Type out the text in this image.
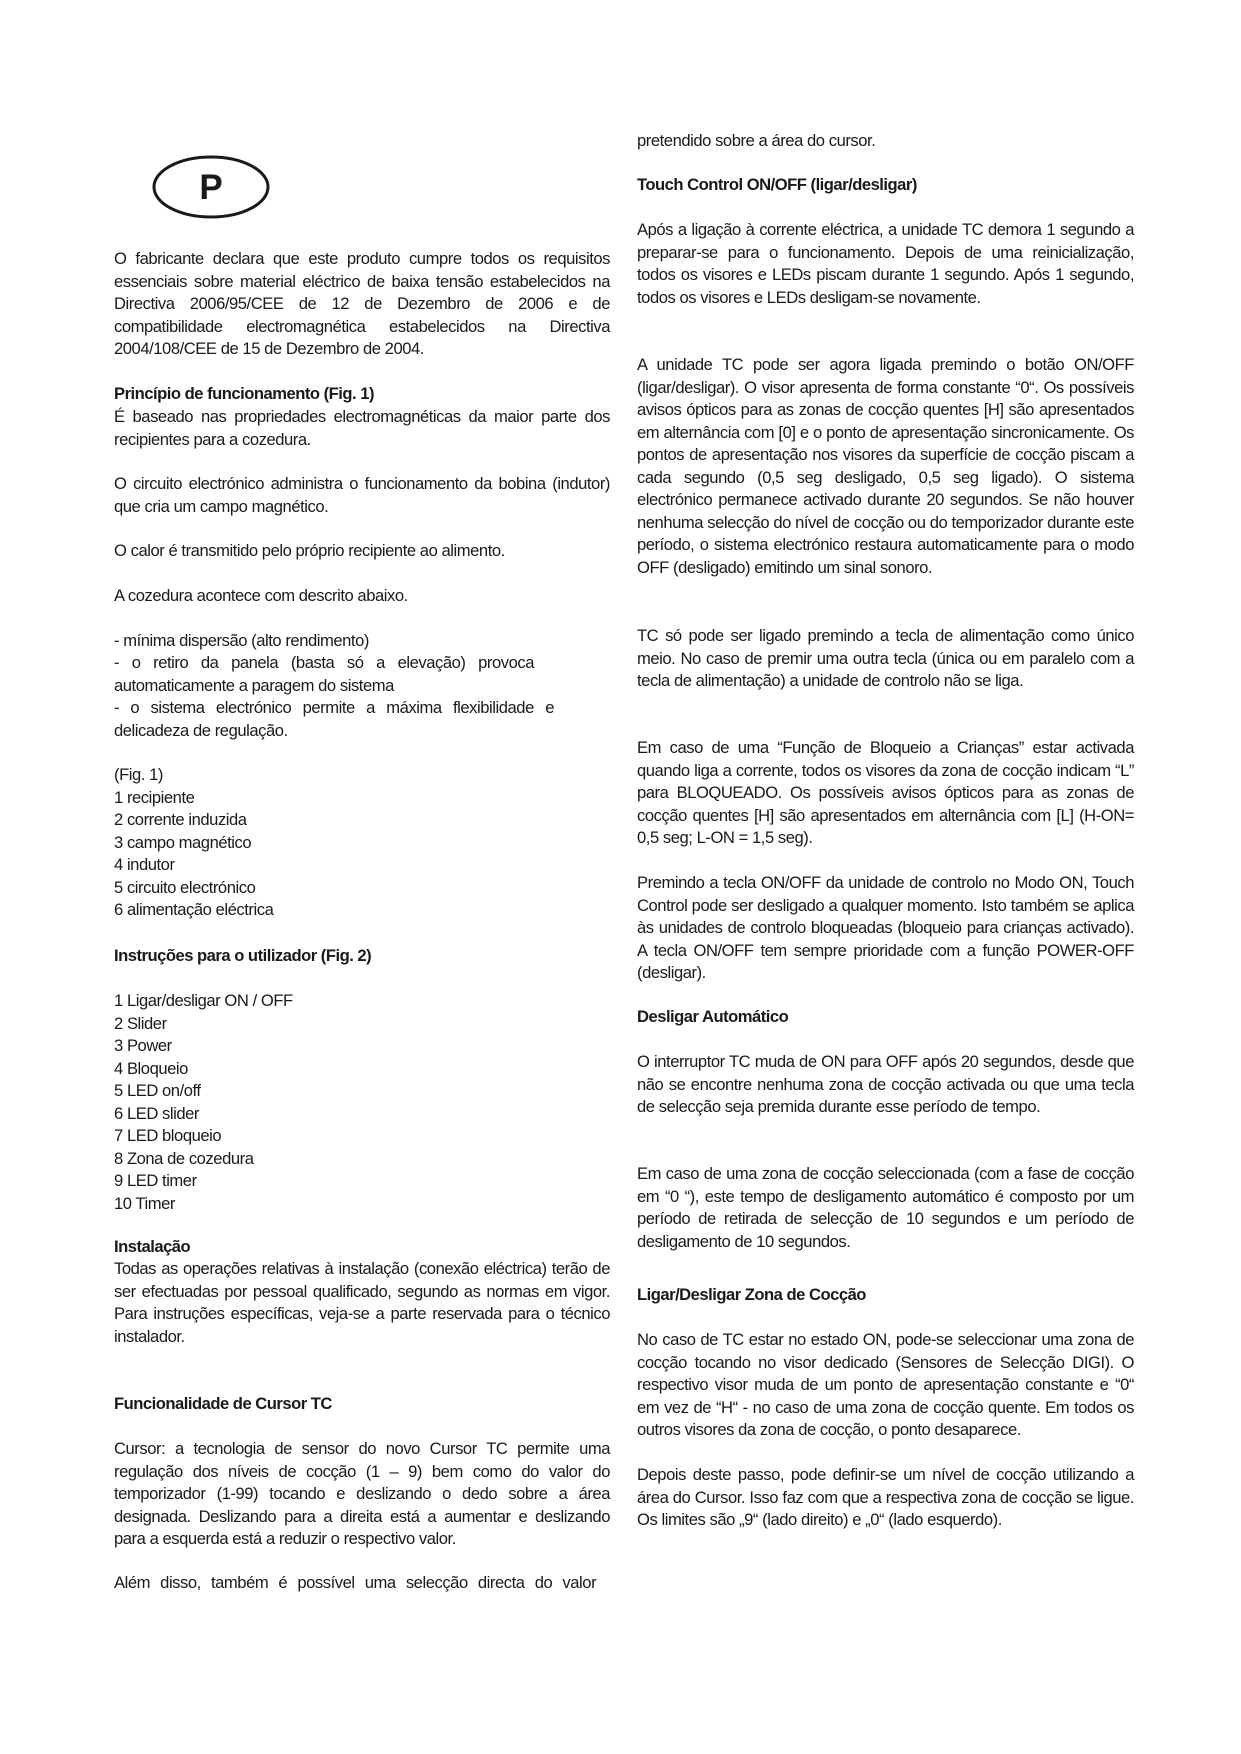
P

O fabricante declara que este produto cumpre todos os requisitos essenciais sobre material eléctrico de baixa tensão estabelecidos na Directiva 2006/95/CEE de 12 de Dezembro de 2006 e de compatibilidade electromagnética estabelecidos na Directiva 2004/108/CEE de 15 de Dezembro de 2004.

Princípio de funcionamento (Fig. 1)

É baseado nas propriedades electromagnéticas da maior parte dos recipientes para a cozedura.

O circuito electrónico administra o funcionamento da bobina (indutor) que cria um campo magnético.

O calor é transmitido pelo próprio recipiente ao alimento.

A cozedura acontece com descrito abaixo.

- mínima dispersão (alto rendimento)

- o retiro da panela (basta só a elevação) provoca automaticamente a paragem do sistema

- o sistema electrónico permite a máxima flexibilidade e delicadeza de regulação.

(Fig. 1)

1 recipiente

2 corrente induzida

3 campo magnético

4 indutor

5 circuito electrónico

6 alimentação eléctrica

Instruções para o utilizador (Fig. 2)

1 Ligar/desligar ON / OFF

2 Slider

3 Power

4 Bloqueio

5 LED on/off

6 LED slider

7 LED bloqueio

8 Zona de cozedura

9 LED timer

10 Timer

Instalação

Todas as operações relativas à instalação (conexão eléctrica) terão de ser efectuadas por pessoal qualificado, segundo as normas em vigor. Para instruções específicas, veja-se a parte reservada para o técnico instalador.

Funcionalidade de Cursor TC

Cursor: a tecnologia de sensor do novo Cursor TC permite uma regulação dos níveis de cocção (1 – 9) bem como do valor do temporizador (1-99) tocando e deslizando o dedo sobre a área designada. Deslizando para a direita está a aumentar e deslizando para a esquerda está a reduzir o respectivo valor.

Além disso, também é possível uma selecção directa do valor

pretendido sobre a área do cursor.

Touch Control ON/OFF (ligar/desligar)

Após a ligação à corrente eléctrica, a unidade TC demora 1 segundo a preparar-se para o funcionamento. Depois de uma reinicialização, todos os visores e LEDs piscam durante 1 segundo. Após 1 segundo, todos os visores e LEDs desligam-se novamente.

A unidade TC pode ser agora ligada premindo o botão ON/OFF (ligar/desligar). O visor apresenta de forma constante “0“. Os possíveis avisos ópticos para as zonas de cocção quentes [H] são apresentados em alternância com [0] e o ponto de apresentação sincronicamente. Os pontos de apresentação nos visores da superfície de cocção piscam a cada segundo (0,5 seg desligado, 0,5 seg ligado). O sistema electrónico permanece activado durante 20 segundos. Se não houver nenhuma selecção do nível de cocção ou do temporizador durante este período, o sistema electrónico restaura automaticamente para o modo OFF (desligado) emitindo um sinal sonoro.

TC só pode ser ligado premindo a tecla de alimentação como único meio. No caso de premir uma outra tecla (única ou em paralelo com a tecla de alimentação) a unidade de controlo não se liga.

Em caso de uma “Função de Bloqueio a Crianças” estar activada quando liga a corrente, todos os visores da zona de cocção indicam “L” para BLOQUEADO. Os possíveis avisos ópticos para as zonas de cocção quentes [H] são apresentados em alternância com [L] (H-ON= 0,5 seg; L-ON = 1,5 seg).

Premindo a tecla ON/OFF da unidade de controlo no Modo ON, Touch Control pode ser desligado a qualquer momento. Isto também se aplica às unidades de controlo bloqueadas (bloqueio para crianças activado). A tecla ON/OFF tem sempre prioridade com a função POWER-OFF (desligar).

Desligar Automático

O interruptor TC muda de ON para OFF após 20 segundos, desde que não se encontre nenhuma zona de cocção activada ou que uma tecla de selecção seja premida durante esse período de tempo.

Em caso de uma zona de cocção seleccionada (com a fase de cocção em “0 “), este tempo de desligamento automático é composto por um período de retirada de selecção de 10 segundos e um período de desligamento de 10 segundos.

Ligar/Desligar Zona de Cocção

No caso de TC estar no estado ON, pode-se seleccionar uma zona de cocção tocando no visor dedicado (Sensores de Selecção DIGI). O respectivo visor muda de um ponto de apresentação constante e “0“ em vez de “H“ - no caso de uma zona de cocção quente. Em todos os outros visores da zona de cocção, o ponto desaparece.

Depois deste passo, pode definir-se um nível de cocção utilizando a área do Cursor. Isso faz com que a respectiva zona de cocção se ligue. Os limites são „9“ (lado direito) e „0“ (lado esquerdo).
